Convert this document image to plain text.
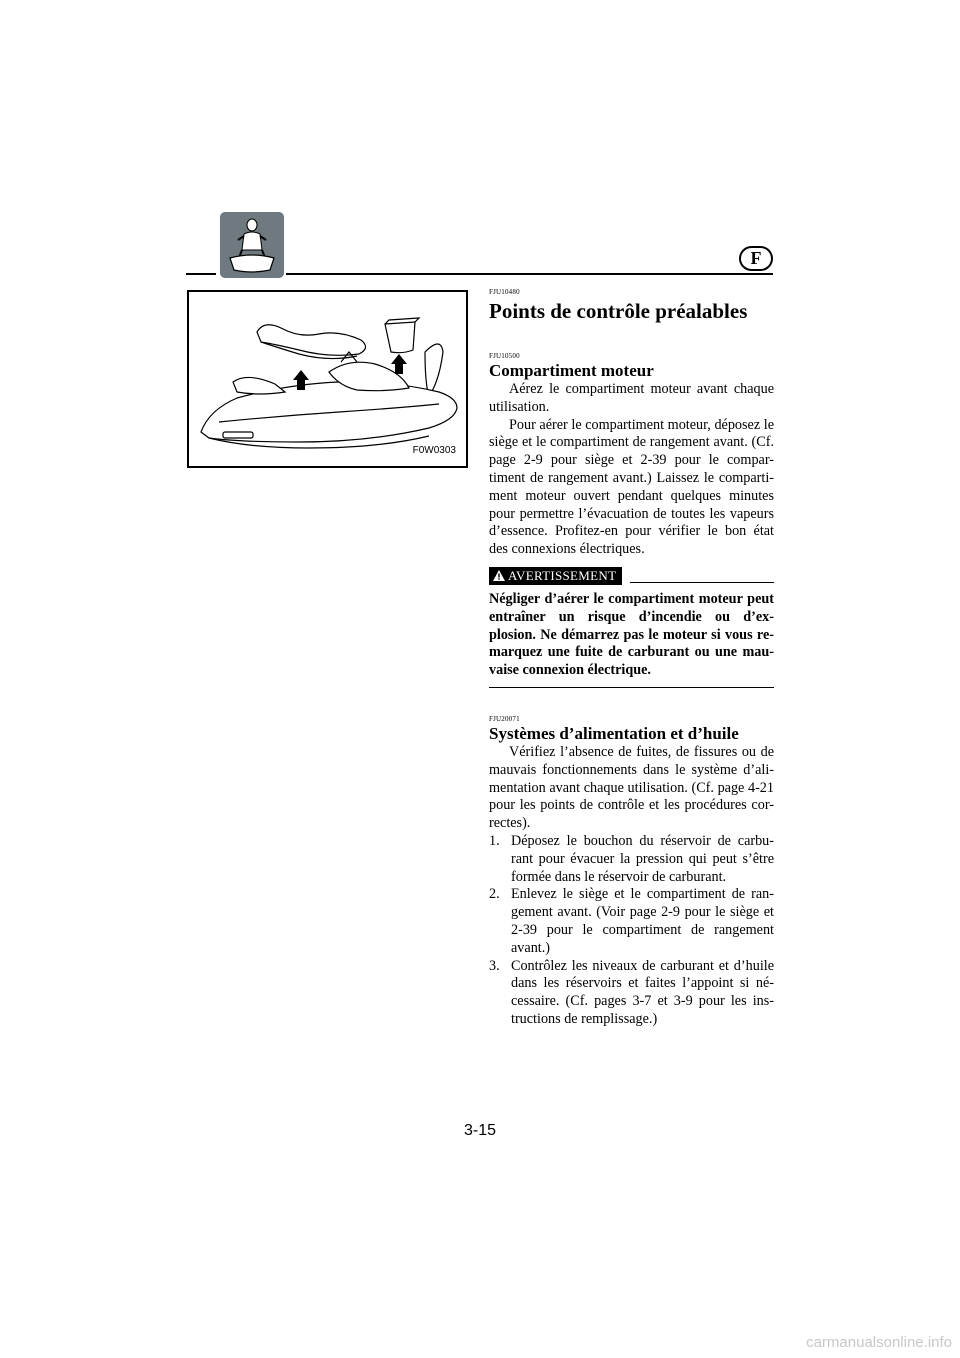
F
F0W0303

FJU10480

Points de contrôle préalables

FJU10500

Compartiment moteur

Aérez le compartiment moteur avant chaque utilisation.

Pour aérer le compartiment moteur, déposez le siège et le compartiment de rangement avant. (Cf. page 2-9 pour siège et 2-39 pour le compar- timent de rangement avant.) Laissez le comparti- ment moteur ouvert pendant quelques minutes pour permettre l’évacuation de toutes les vapeurs d’essence. Profitez-en pour vérifier le bon état des connexions électriques.

AVERTISSEMENT

Négliger d’aérer le compartiment moteur peut entraîner un risque d’incendie ou d’ex- plosion. Ne démarrez pas le moteur si vous re- marquez une fuite de carburant ou une mau- vaise connexion électrique.

FJU20071

Systèmes d’alimentation et d’huile

Vérifiez l’absence de fuites, de fissures ou de mauvais fonctionnements dans le système d’ali- mentation avant chaque utilisation. (Cf. page 4-21 pour les points de contrôle et les procédures cor- rectes).

1. Déposez le bouchon du réservoir de carbu- rant pour évacuer la pression qui peut s’être formée dans le réservoir de carburant.
2. Enlevez le siège et le compartiment de ran- gement avant. (Voir page 2-9 pour le siège et 2-39 pour le compartiment de rangement avant.)
3. Contrôlez les niveaux de carburant et d’huile dans les réservoirs et faites l’appoint si né- cessaire. (Cf. pages 3-7 et 3-9 pour les ins- tructions de remplissage.)
3-15
carmanualsonline.info
